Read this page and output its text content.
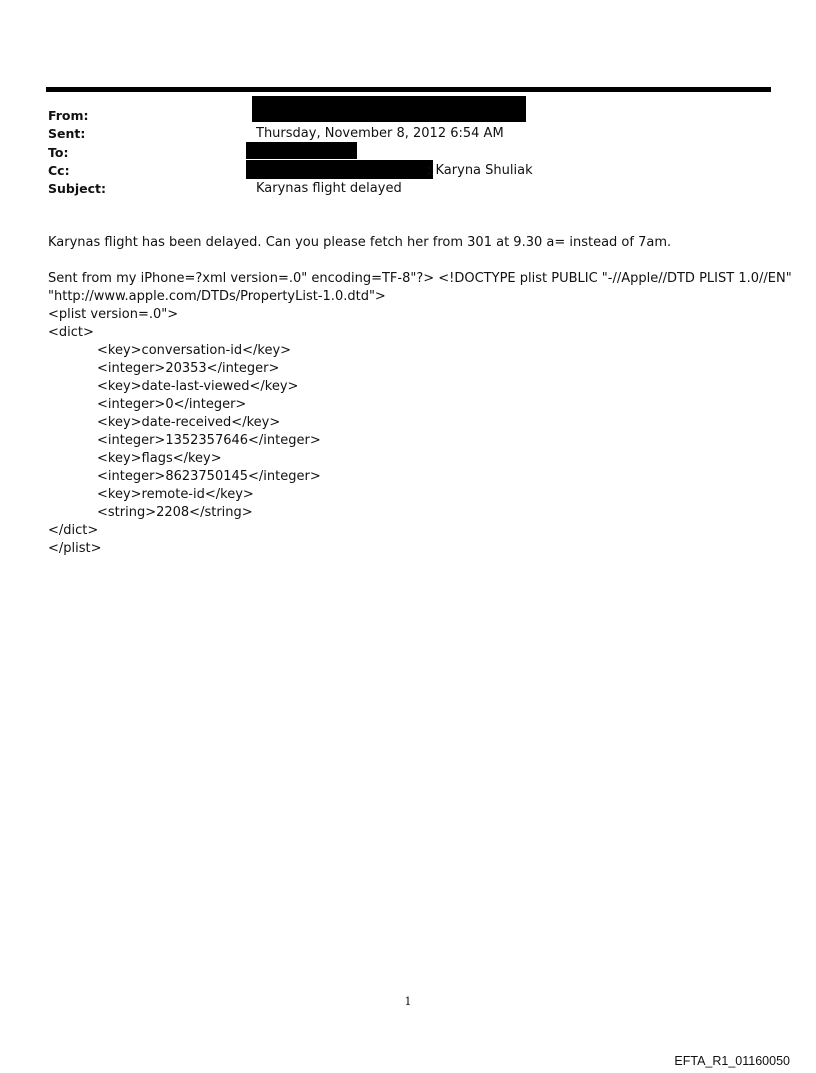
From:
Sent:
To:
Cc:
Subject:
Thursday, November 8, 2012 6:54 AM
; Karyna Shuliak
Karynas flight delayed
Karynas flight has been delayed. Can you please fetch her from 301 at 9.30 a= instead of 7am.
Sent from my iPhone=?xml version=.0" encoding=TF-8"?> <!DOCTYPE plist PUBLIC "-//Apple//DTD PLIST 1.0//EN"
"http://www.apple.com/DTDs/PropertyList-1.0.dtd">
<plist version=.0">
<dict>
<key>conversation-id</key>
<integer>20353</integer>
<key>date-last-viewed</key>
<integer>0</integer>
<key>date-received</key>
<integer>1352357646</integer>
<key>flags</key>
<integer>8623750145</integer>
<key>remote-id</key>
<string>2208</string>
</dict>
</plist>
1
EFTA_R1_01160050
